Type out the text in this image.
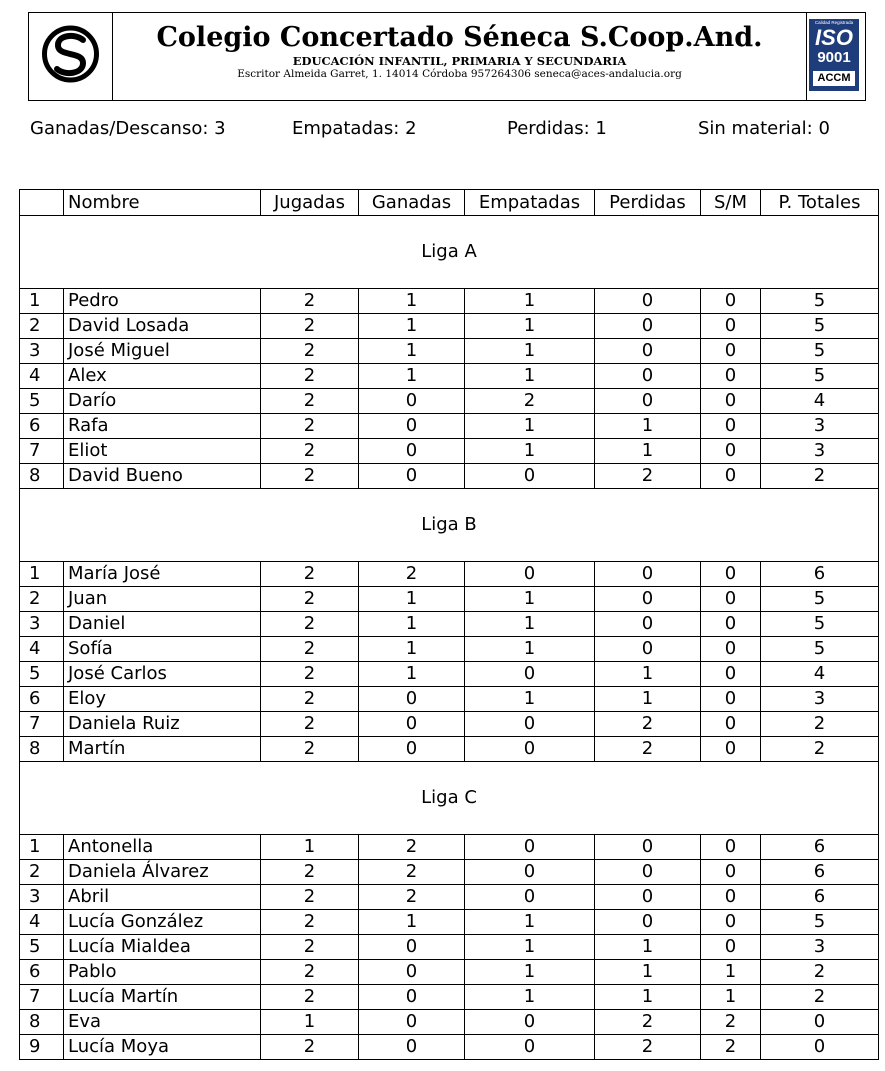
Colegio Concertado Séneca S.Coop.And.
EDUCACIÓN INFANTIL, PRIMARIA Y SECUNDARIA
Escritor Almeida Garret, 1. 14014 Córdoba 957264306 seneca@aces-andalucia.org
Calidad Registrada
ISO
9001
ACCM
Ganadas/Descanso: 3	Empatadas: 2	Perdidas: 1	Sin material: 0
	Nombre	Jugadas	Ganadas	Empatadas	Perdidas	S/M	P. Totales
Liga A							
1	Pedro	2	1	1	0	0	5
2	David Losada	2	1	1	0	0	5
3	José Miguel	2	1	1	0	0	5
4	Alex	2	1	1	0	0	5
5	Darío	2	0	2	0	0	4
6	Rafa	2	0	1	1	0	3
7	Eliot	2	0	1	1	0	3
8	David Bueno	2	0	0	2	0	2
Liga B							
1	María José	2	2	0	0	0	6
2	Juan	2	1	1	0	0	5
3	Daniel	2	1	1	0	0	5
4	Sofía	2	1	1	0	0	5
5	José Carlos	2	1	0	1	0	4
6	Eloy	2	0	1	1	0	3
7	Daniela Ruiz	2	0	0	2	0	2
8	Martín	2	0	0	2	0	2
Liga C							
1	Antonella	1	2	0	0	0	6
2	Daniela Álvarez	2	2	0	0	0	6
3	Abril	2	2	0	0	0	6
4	Lucía González	2	1	1	0	0	5
5	Lucía Mialdea	2	0	1	1	0	3
6	Pablo	2	0	1	1	1	2
7	Lucía Martín	2	0	1	1	1	2
8	Eva	1	0	0	2	2	0
9	Lucía Moya	2	0	0	2	2	0
